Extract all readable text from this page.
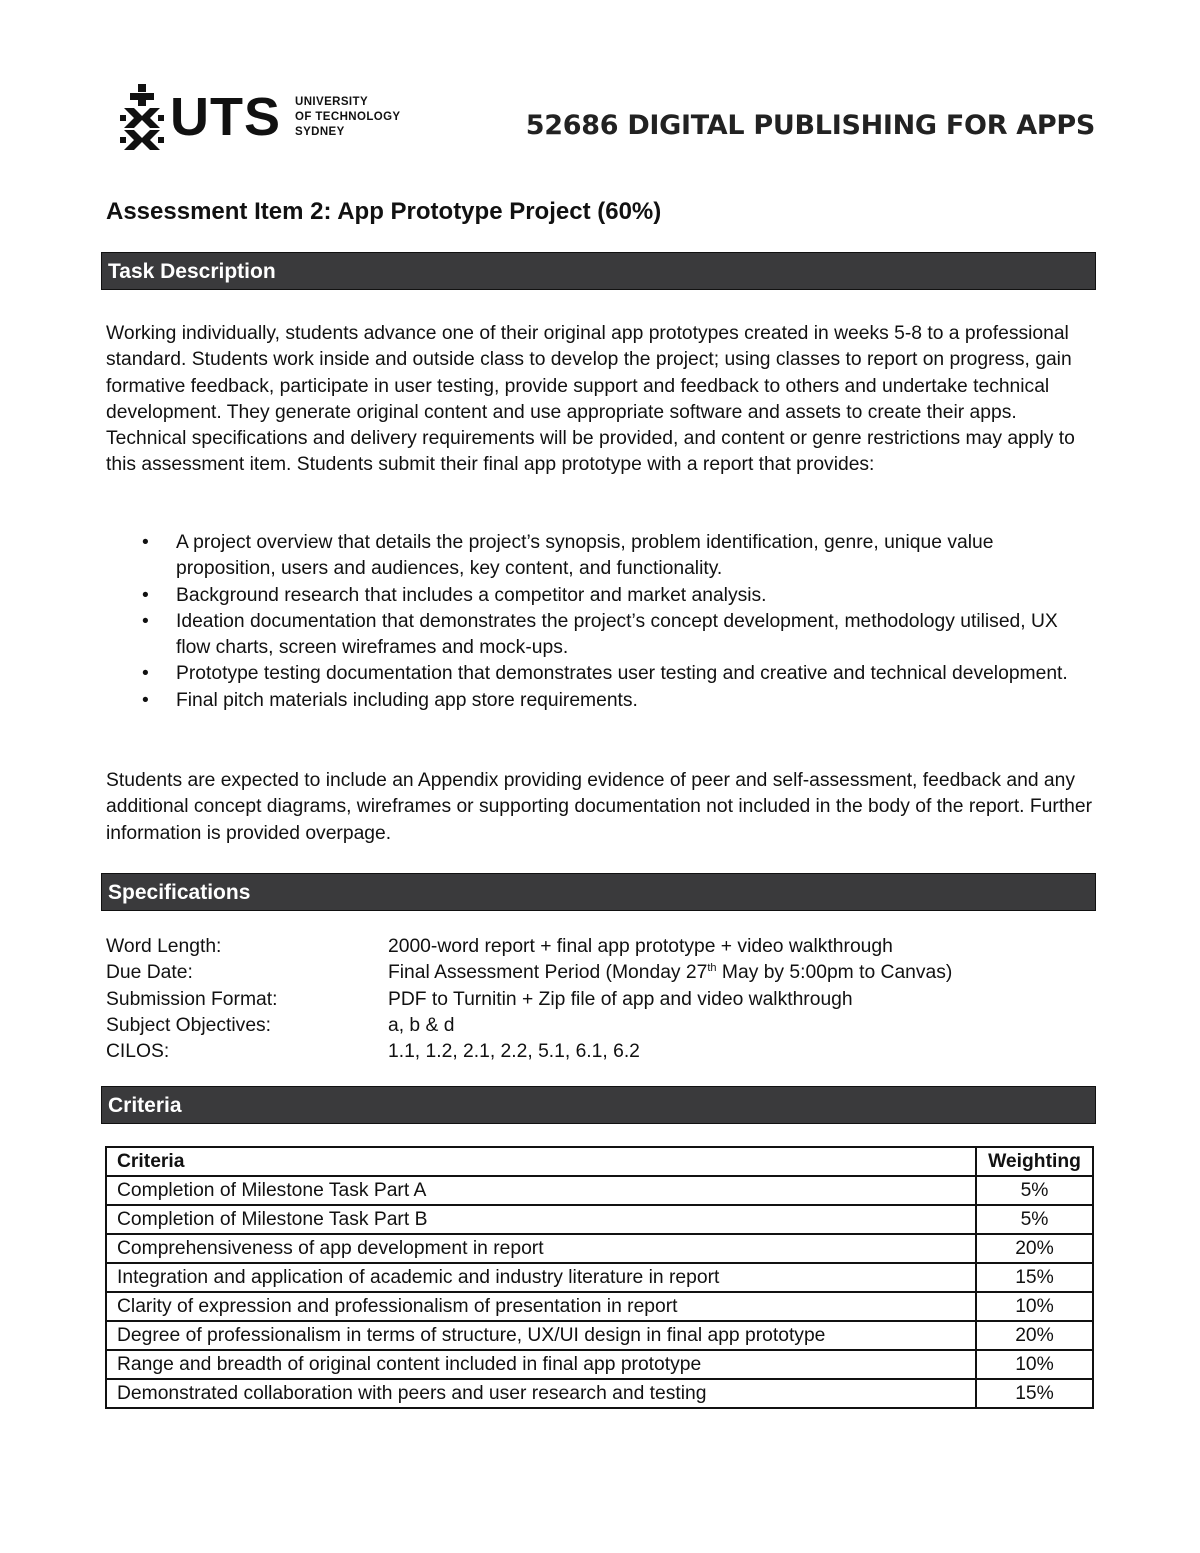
UTS UNIVERSITY
OF TECHNOLOGY
SYDNEY	52686 DIGITAL PUBLISHING FOR APPS
Assessment Item 2: App Prototype Project (60%)
Task Description

Working individually, students advance one of their original app prototypes created in weeks 5-8 to a professional standard. Students work inside and outside class to develop the project; using classes to report on progress, gain formative feedback, participate in user testing, provide support and feedback to others and undertake technical development. They generate original content and use appropriate software and assets to create their apps. Technical specifications and delivery requirements will be provided, and content or genre restrictions may apply to this assessment item. Students submit their final app prototype with a report that provides:

• A project overview that details the project’s synopsis, problem identification, genre, unique value proposition, users and audiences, key content, and functionality.
• Background research that includes a competitor and market analysis.
• Ideation documentation that demonstrates the project’s concept development, methodology utilised, UX flow charts, screen wireframes and mock-ups.
• Prototype testing documentation that demonstrates user testing and creative and technical development.
• Final pitch materials including app store requirements.

Students are expected to include an Appendix providing evidence of peer and self-assessment, feedback and any additional concept diagrams, wireframes or supporting documentation not included in the body of the report. Further information is provided overpage.

Specifications
Word Length:	2000-word report + final app prototype + video walkthrough
Due Date:	Final Assessment Period (Monday 27th May by 5:00pm to Canvas)
Submission Format:	PDF to Turnitin + Zip file of app and video walkthrough
Subject Objectives:	a, b & d
CILOS:	1.1, 1.2, 2.1, 2.2, 5.1, 6.1, 6.2
Criteria
Criteria	Weighting
Completion of Milestone Task Part A	5%
Completion of Milestone Task Part B	5%
Comprehensiveness of app development in report	20%
Integration and application of academic and industry literature in report	15%
Clarity of expression and professionalism of presentation in report	10%
Degree of professionalism in terms of structure, UX/UI design in final app prototype	20%
Range and breadth of original content included in final app prototype	10%
Demonstrated collaboration with peers and user research and testing	15%
